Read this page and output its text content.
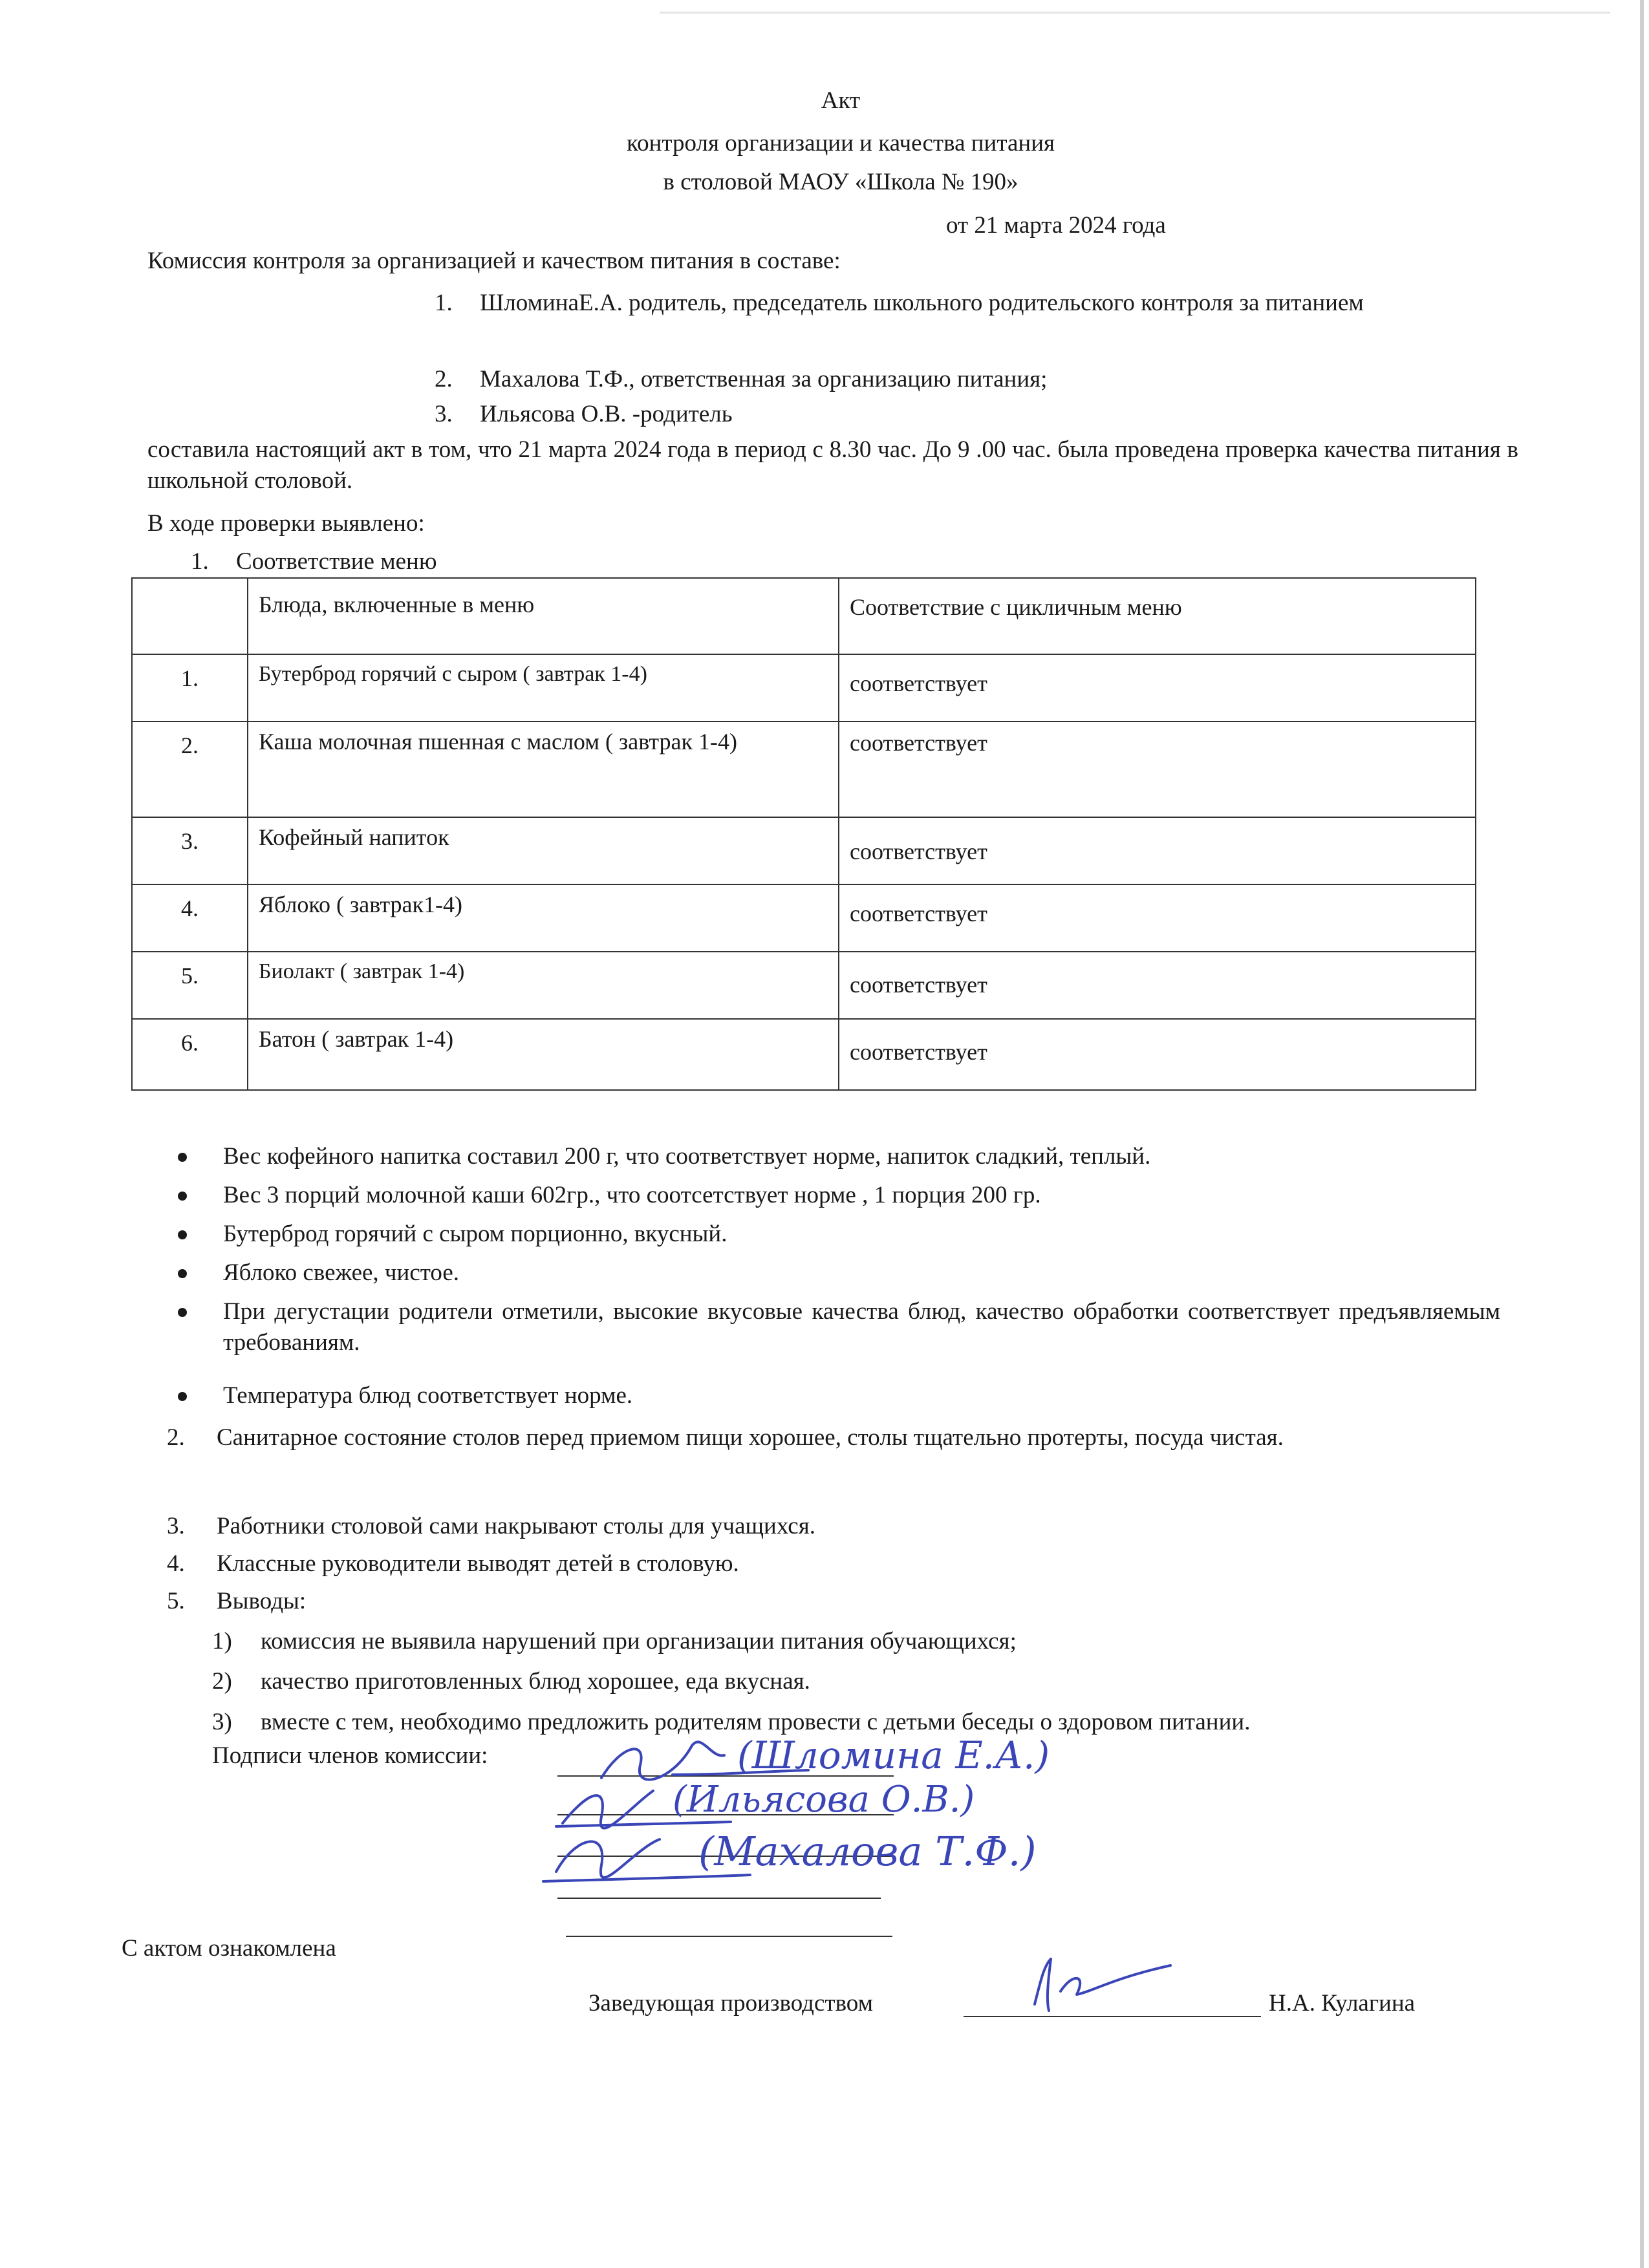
Акт
контроля организации и качества питания
в столовой МАОУ «Школа № 190»
от 21 марта 2024 года
Комиссия контроля за организацией и качеством питания в составе:
1. ШломинаЕ.А. родитель, председатель школьного родительского контроля за питанием
2. Махалова Т.Ф., ответственная за организацию питания;
3. Ильясова О.В. -родитель
составила настоящий акт в том, что 21 марта 2024 года в период с 8.30 час. До 9 .00 час. была проведена проверка качества питания в школьной столовой.
В ходе проверки выявлено:
1. Соответствие меню
	Блюда, включенные в меню	Соответствие с цикличным меню
1.	Бутерброд горячий с сыром ( завтрак 1-4)	соответствует
2.	Каша молочная пшенная с маслом ( завтрак 1-4)	соответствует
3.	Кофейный напиток	соответствует
4.	Яблоко ( завтрак1-4)	соответствует
5.	Биолакт ( завтрак 1-4)	соответствует
6.	Батон ( завтрак 1-4)	соответствует
Вес кофейного напитка составил 200 г, что соответствует норме, напиток сладкий, теплый.
Вес 3 порций молочной каши 602гр., что соотсетствует норме , 1 порция 200 гр.
Бутерброд горячий с сыром порционно, вкусный.
Яблоко свежее, чистое.
При дегустации родители отметили, высокие вкусовые качества блюд, качество обработки соответствует предъявляемым требованиям.
Температура блюд соответствует норме.
2. Санитарное состояние столов перед приемом пищи хорошее, столы тщательно протерты, посуда чистая.
3. Работники столовой сами накрывают столы для учащихся.
4. Классные руководители выводят детей в столовую.
5. Выводы:
1) комиссия не выявила нарушений при организации питания обучающихся;
2) качество приготовленных блюд хорошее, еда вкусная.
3) вместе с тем, необходимо предложить родителям провести с детьми беседы о здоровом питании.
Подписи членов комиссии:	(Шломина Е.А.)
(Ильясова О.В.)
(Махалова Т.Ф.)
С актом ознакомлена
Заведующая производством	Н.А. Кулагина
